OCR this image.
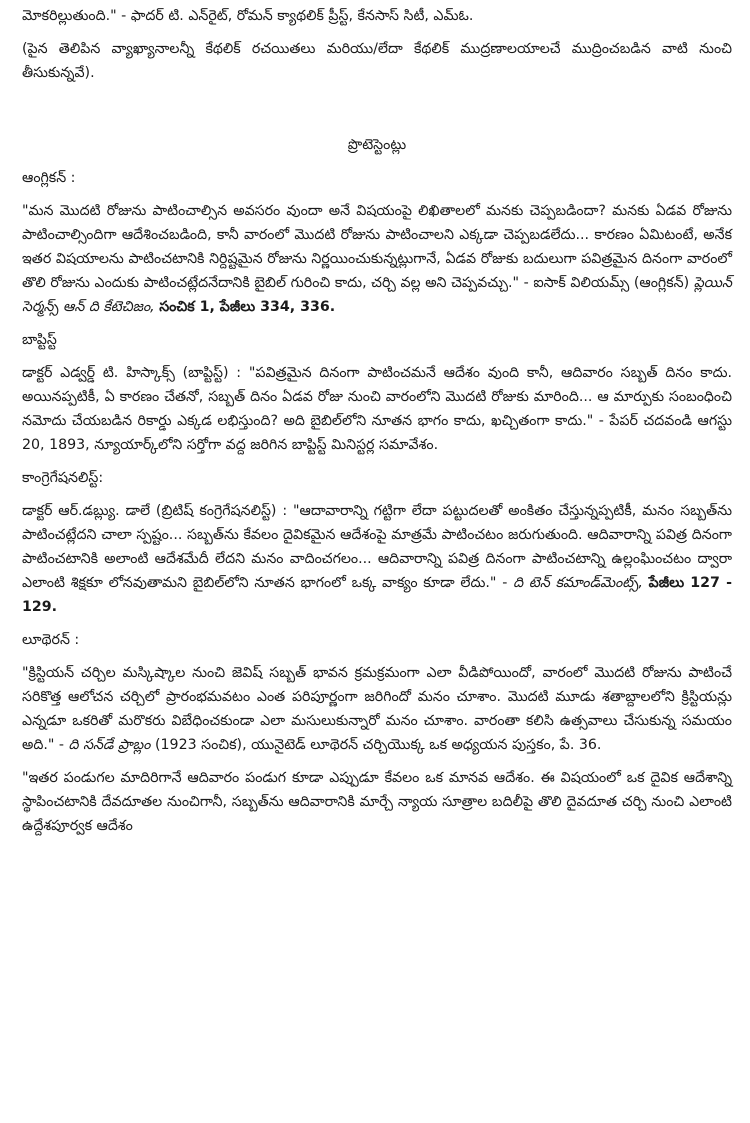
మోకరిల్లుతుంది." - ఫాదర్ టి. ఎన్‌రైట్, రోమన్ క్యాథలిక్ ప్రీస్ట్, కేనసాస్ సిటీ, ఎమ్‌ఓ.

(పైన తెలిపిన వ్యాఖ్యానాలన్నీ కేథలిక్ రచయితలు మరియు/లేదా కేథలిక్ ముద్రణాలయాలచే ముద్రించబడిన వాటి నుంచి తీసుకున్నవే).

ప్రొటెస్టెంట్లు

ఆంగ్లికన్ :

"మన మొదటి రోజును పాటించాల్సిన అవసరం వుందా అనే విషయంపై లిఖితాలలో మనకు చెప్పబడిందా? మనకు ఏడవ రోజును పాటించాల్సిందిగా ఆదేశించబడింది, కానీ వారంలో మొదటి రోజును పాటించాలని ఎక్కడా చెప్పబడలేదు... కారణం ఏమిటంటే, అనేక ఇతర విషయాలను పాటించటానికి నిర్దిష్టమైన రోజును నిర్ణయించుకున్నట్లుగానే, ఏడవ రోజుకు బదులుగా పవిత్రమైన దినంగా వారంలో తొలి రోజును ఎందుకు పాటించట్లేదనేదానికి బైబిల్ గురించి కాదు, చర్చి వల్ల అని చెప్పవచ్చు." - ఐసాక్ విలియమ్స్ (ఆంగ్లికన్) ప్లెయిన్ సెర్మన్స్ ఆన్ ది కేటెచిజం, సంచిక 1, పేజీలు 334, 336.

బాప్టిస్ట్

డాక్టర్ ఎడ్వర్డ్ టి. హిస్కాక్స్ (బాప్టిస్ట్) : "పవిత్రమైన దినంగా పాటించమనే ఆదేశం వుంది కానీ, ఆదివారం సబ్బత్ దినం కాదు. అయినప్పటికీ, ఏ కారణం చేతనో, సబ్బత్ దినం ఏడవ రోజు నుంచి వారంలోని మొదటి రోజుకు మారింది... ఆ మార్పుకు సంబంధించి నమోదు చేయబడిన రికార్డు ఎక్కడ లభిస్తుంది? అది బైబిల్‌లోని నూతన భాగం కాదు, ఖచ్చితంగా కాదు." - పేపర్ చదవండి ఆగస్టు 20, 1893, న్యూయార్క్‌లోని సర్తోగా వద్ద జరిగిన బాప్టిస్ట్ మినిస్టర్ల సమావేశం.

కాంగ్రెగేషనలిస్ట్:

డాక్టర్ ఆర్.డబ్ల్యు. డాలే (బ్రిటిష్ కంగ్రెగేషనలిస్ట్) : "ఆదావారాన్ని గట్టిగా లేదా పట్టుదలతో అంకితం చేస్తున్నప్పటికీ, మనం సబ్బత్‌ను పాటించట్లేదని చాలా స్పష్టం... సబ్బత్‌ను కేవలం దైవికమైన ఆదేశంపై మాత్రమే పాటించటం జరుగుతుంది. ఆదివారాన్ని పవిత్ర దినంగా పాటించటానికి అలాంటి ఆదేశమేదీ లేదని మనం వాదించగలం... ఆదివారాన్ని పవిత్ర దినంగా పాటించటాన్ని ఉల్లంఘించటం ద్వారా ఎలాంటి శిక్షకూ లోనవుతామని బైబిల్‌లోని నూతన భాగంలో ఒక్క వాక్యం కూడా లేదు." - ది టెన్ కమాండ్‌మెంట్స్, పేజీలు 127 - 129.

లూథెరన్ :

"క్రిస్టియన్ చర్చిల మస్కిష్కాల నుంచి జెవిష్ సబ్బత్ భావన క్రమక్రమంగా ఎలా వీడిపోయిందో, వారంలో మొదటి రోజును పాటించే సరికొత్త ఆలోచన చర్చిలో ప్రారంభమవటం ఎంత పరిపూర్ణంగా జరిగిందో మనం చూశాం. మొదటి మూడు శతాబ్దాలలోని క్రిస్టియన్లు ఎన్నడూ ఒకరితో మరొకరు విబేధించకుండా ఎలా మసులుకున్నారో మనం చూశాం. వారంతా కలిసి ఉత్సవాలు చేసుకున్న సమయం అది." - ది సన్‌డే ప్రాబ్లం (1923 సంచిక), యునైటెడ్ లూథెరన్ చర్చియొక్క ఒక అధ్యయన పుస్తకం, పే. 36.

"ఇతర పండుగల మాదిరిగానే ఆదివారం పండుగ కూడా ఎప్పుడూ కేవలం ఒక మానవ ఆదేశం. ఈ విషయంలో ఒక దైవిక ఆదేశాన్ని స్థాపించటానికి దేవదూతల నుంచిగానీ, సబ్బత్‌ను ఆదివారానికి మార్చే న్యాయ సూత్రాల బదిలీపై తొలి దైవదూత చర్చి నుంచి ఎలాంటి ఉద్దేశపూర్వక ఆదేశం
